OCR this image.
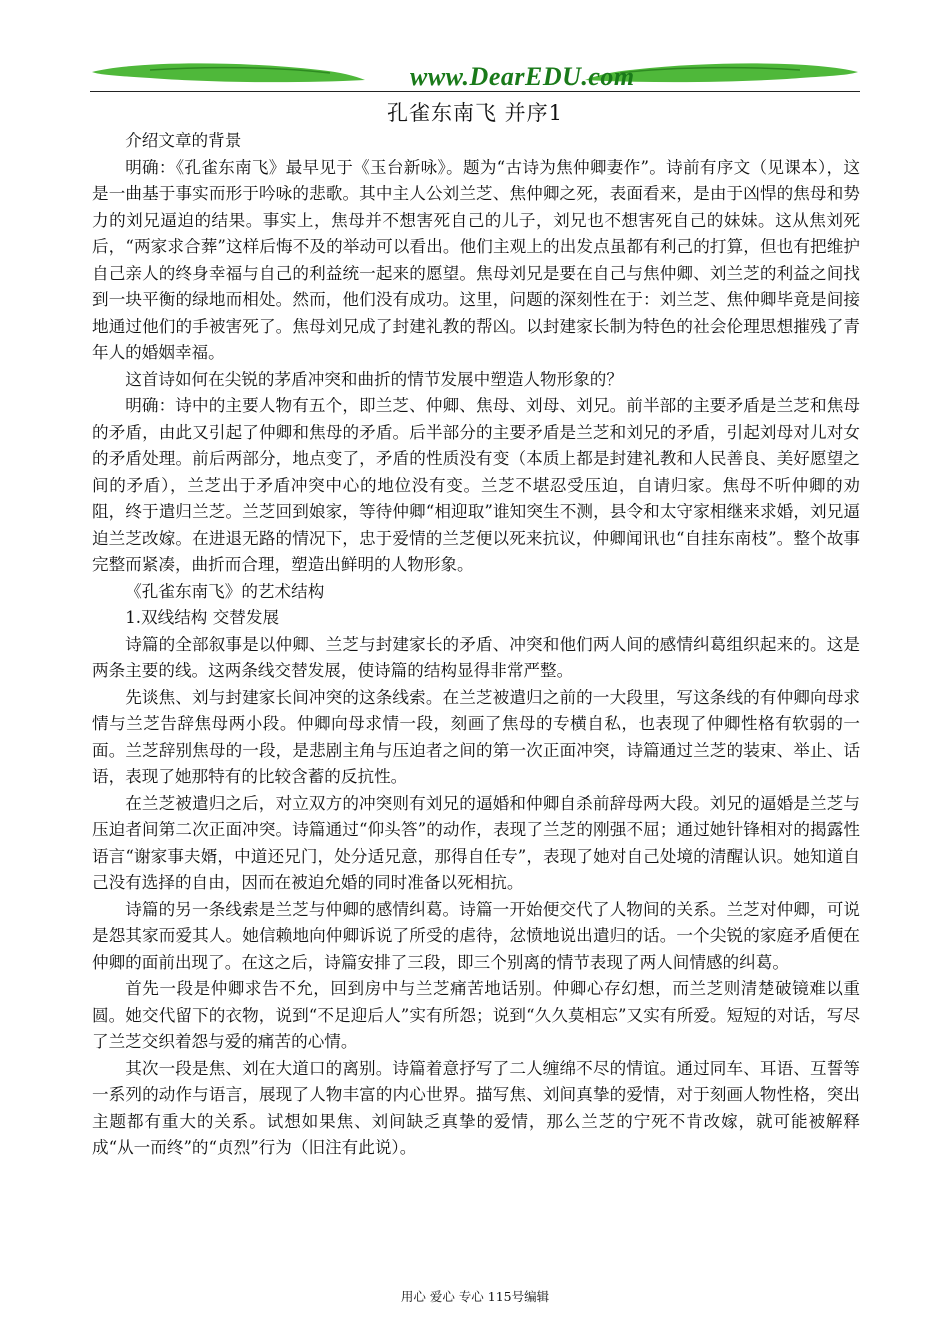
www.DearEDU.com
孔雀东南飞 并序1

介绍文章的背景

明确：《孔雀东南飞》最早见于《玉台新咏》。题为“古诗为焦仲卿妻作”。诗前有序文（见课本），这是一曲基于事实而形于吟咏的悲歌。其中主人公刘兰芝、焦仲卿之死，表面看来，是由于凶悍的焦母和势力的刘兄逼迫的结果。事实上，焦母并不想害死自己的儿子，刘兄也不想害死自己的妹妹。这从焦刘死后，“两家求合葬”这样后悔不及的举动可以看出。他们主观上的出发点虽都有利己的打算，但也有把维护自己亲人的终身幸福与自己的利益统一起来的愿望。焦母刘兄是要在自己与焦仲卿、刘兰芝的利益之间找到一块平衡的绿地而相处。然而，他们没有成功。这里，问题的深刻性在于：刘兰芝、焦仲卿毕竟是间接地通过他们的手被害死了。焦母刘兄成了封建礼教的帮凶。以封建家长制为特色的社会伦理思想摧残了青年人的婚姻幸福。

这首诗如何在尖锐的茅盾冲突和曲折的情节发展中塑造人物形象的？

明确：诗中的主要人物有五个，即兰芝、仲卿、焦母、刘母、刘兄。前半部的主要矛盾是兰芝和焦母的矛盾，由此又引起了仲卿和焦母的矛盾。后半部分的主要矛盾是兰芝和刘兄的矛盾，引起刘母对儿对女的矛盾处理。前后两部分，地点变了，矛盾的性质没有变（本质上都是封建礼教和人民善良、美好愿望之间的矛盾），兰芝出于矛盾冲突中心的地位没有变。兰芝不堪忍受压迫，自请归家。焦母不听仲卿的劝阻，终于遣归兰芝。兰芝回到娘家，等待仲卿“相迎取”谁知突生不测，县令和太守家相继来求婚，刘兄逼迫兰芝改嫁。在进退无路的情况下，忠于爱情的兰芝便以死来抗议，仲卿闻讯也“自挂东南枝”。整个故事完整而紧凑，曲折而合理，塑造出鲜明的人物形象。

《孔雀东南飞》的艺术结构

1.双线结构 交替发展

诗篇的全部叙事是以仲卿、兰芝与封建家长的矛盾、冲突和他们两人间的感情纠葛组织起来的。这是两条主要的线。这两条线交替发展，使诗篇的结构显得非常严整。

先谈焦、刘与封建家长间冲突的这条线索。在兰芝被遣归之前的一大段里，写这条线的有仲卿向母求情与兰芝告辞焦母两小段。仲卿向母求情一段，刻画了焦母的专横自私，也表现了仲卿性格有软弱的一面。兰芝辞别焦母的一段，是悲剧主角与压迫者之间的第一次正面冲突，诗篇通过兰芝的装束、举止、话语，表现了她那特有的比较含蓄的反抗性。

在兰芝被遣归之后，对立双方的冲突则有刘兄的逼婚和仲卿自杀前辞母两大段。刘兄的逼婚是兰芝与压迫者间第二次正面冲突。诗篇通过“仰头答”的动作，表现了兰芝的刚强不屈；通过她针锋相对的揭露性语言“谢家事夫婿，中道还兄门，处分适兄意，那得自任专”，表现了她对自己处境的清醒认识。她知道自己没有选择的自由，因而在被迫允婚的同时准备以死相抗。

诗篇的另一条线索是兰芝与仲卿的感情纠葛。诗篇一开始便交代了人物间的关系。兰芝对仲卿，可说是怨其家而爱其人。她信赖地向仲卿诉说了所受的虐待，忿愤地说出遣归的话。一个尖锐的家庭矛盾便在仲卿的面前出现了。在这之后，诗篇安排了三段，即三个别离的情节表现了两人间情感的纠葛。

首先一段是仲卿求告不允，回到房中与兰芝痛苦地话别。仲卿心存幻想，而兰芝则清楚破镜难以重圆。她交代留下的衣物，说到“不足迎后人”实有所怨；说到“久久莫相忘”又实有所爱。短短的对话，写尽了兰芝交织着怨与爱的痛苦的心情。

其次一段是焦、刘在大道口的离别。诗篇着意抒写了二人缠绵不尽的情谊。通过同车、耳语、互誓等一系列的动作与语言，展现了人物丰富的内心世界。描写焦、刘间真挚的爱情，对于刻画人物性格，突出主题都有重大的关系。试想如果焦、刘间缺乏真挚的爱情，那么兰芝的宁死不肯改嫁，就可能被解释成“从一而终”的“贞烈”行为（旧注有此说）。

用心 爱心 专心 115号编辑
